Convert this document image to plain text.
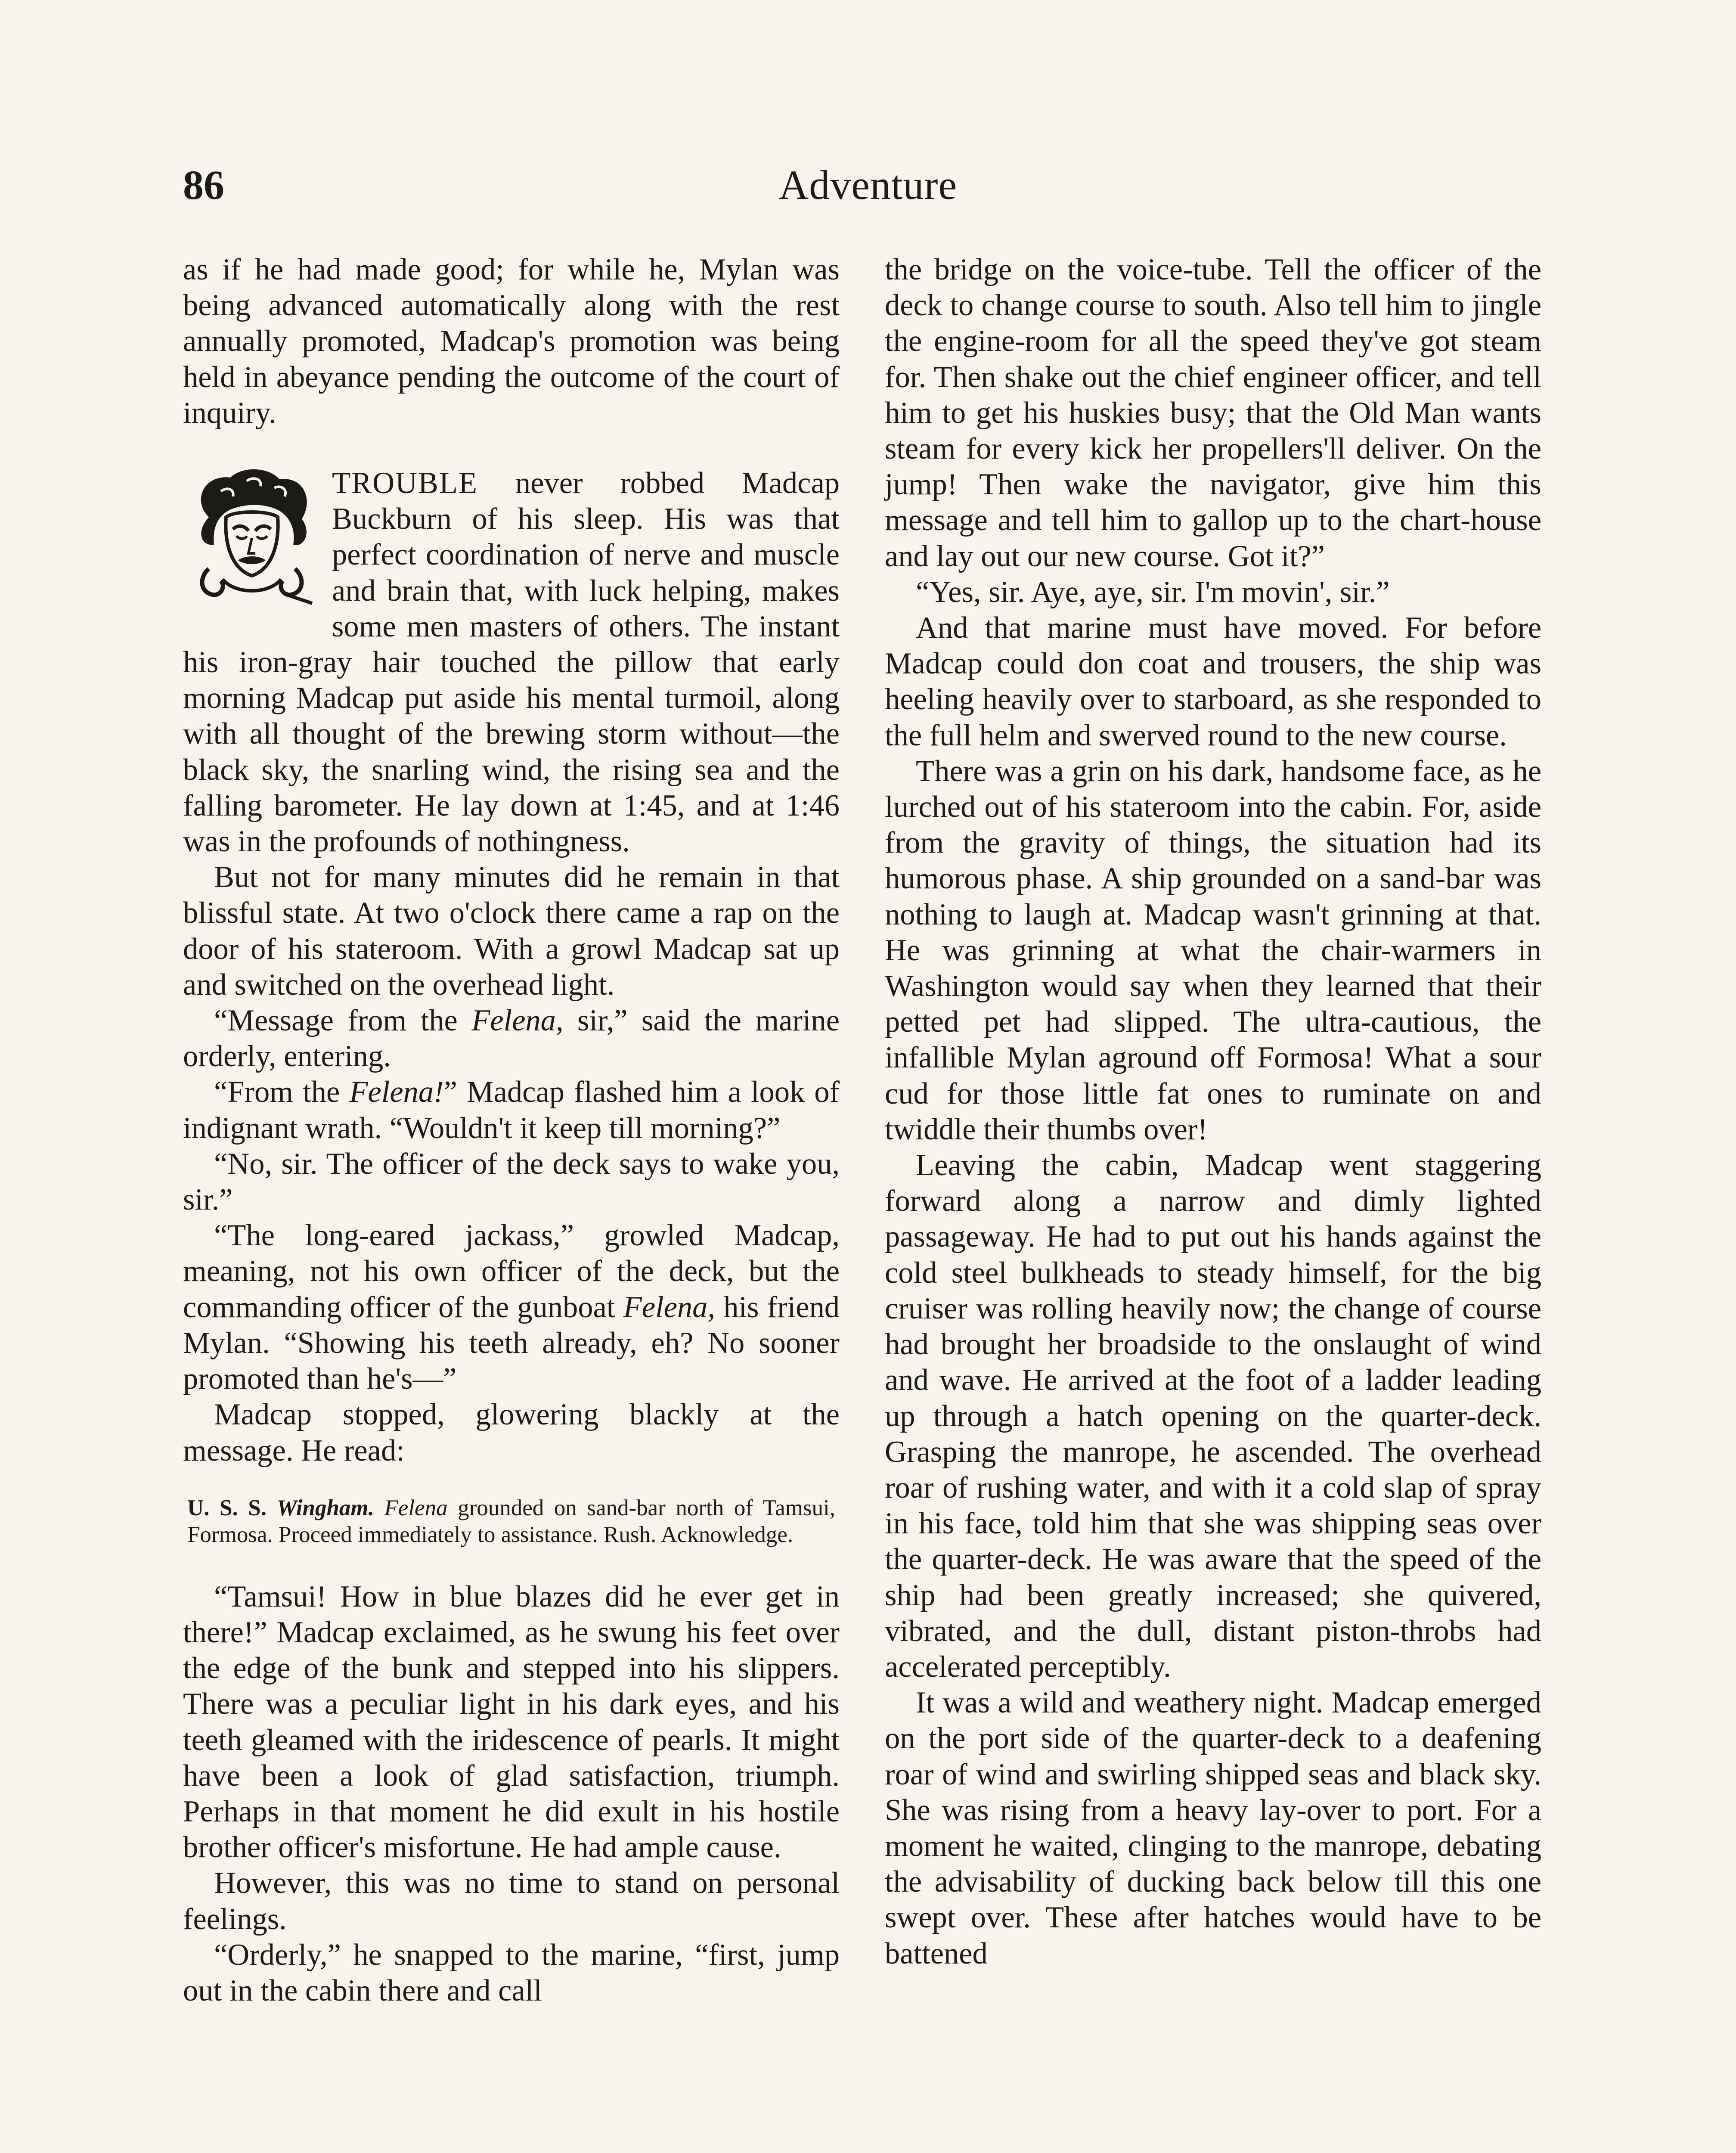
86	Adventure

as if he had made good; for while he, Mylan was being advanced automatically along with the rest annually promoted, Madcap's promotion was being held in abeyance pending the outcome of the court of inquiry.

TROUBLE never robbed Madcap Buckburn of his sleep. His was that perfect coordination of nerve and muscle and brain that, with luck helping, makes some men masters of others. The instant his iron-gray hair touched the pillow that early morning Madcap put aside his mental turmoil, along with all thought of the brewing storm without—the black sky, the snarling wind, the rising sea and the falling barometer. He lay down at 1:45, and at 1:46 was in the profounds of nothingness.

But not for many minutes did he remain in that blissful state. At two o'clock there came a rap on the door of his stateroom. With a growl Madcap sat up and switched on the overhead light.

“Message from the Felena, sir,” said the marine orderly, entering.

“From the Felena!” Madcap flashed him a look of indignant wrath. “Wouldn't it keep till morning?”

“No, sir. The officer of the deck says to wake you, sir.”

“The long-eared jackass,” growled Madcap, meaning, not his own officer of the deck, but the commanding officer of the gunboat Felena, his friend Mylan. “Showing his teeth already, eh? No sooner promoted than he's—”

Madcap stopped, glowering blackly at the message. He read:

U. S. S. Wingham. Felena grounded on sand-bar north of Tamsui, Formosa. Proceed immediately to assistance. Rush. Acknowledge.

“Tamsui! How in blue blazes did he ever get in there!” Madcap exclaimed, as he swung his feet over the edge of the bunk and stepped into his slippers. There was a peculiar light in his dark eyes, and his teeth gleamed with the iridescence of pearls. It might have been a look of glad satisfaction, triumph. Perhaps in that moment he did exult in his hostile brother officer's misfortune. He had ample cause.

However, this was no time to stand on personal feelings.

“Orderly,” he snapped to the marine, “first, jump out in the cabin there and call

the bridge on the voice-tube. Tell the officer of the deck to change course to south. Also tell him to jingle the engine-room for all the speed they've got steam for. Then shake out the chief engineer officer, and tell him to get his huskies busy; that the Old Man wants steam for every kick her propellers'll deliver. On the jump! Then wake the navigator, give him this message and tell him to gallop up to the chart-house and lay out our new course. Got it?”

“Yes, sir. Aye, aye, sir. I'm movin', sir.”

And that marine must have moved. For before Madcap could don coat and trousers, the ship was heeling heavily over to starboard, as she responded to the full helm and swerved round to the new course.

There was a grin on his dark, handsome face, as he lurched out of his stateroom into the cabin. For, aside from the gravity of things, the situation had its humorous phase. A ship grounded on a sand-bar was nothing to laugh at. Madcap wasn't grinning at that. He was grinning at what the chair-warmers in Washington would say when they learned that their petted pet had slipped. The ultra-cautious, the infallible Mylan aground off Formosa! What a sour cud for those little fat ones to ruminate on and twiddle their thumbs over!

Leaving the cabin, Madcap went staggering forward along a narrow and dimly lighted passageway. He had to put out his hands against the cold steel bulkheads to steady himself, for the big cruiser was rolling heavily now; the change of course had brought her broadside to the onslaught of wind and wave. He arrived at the foot of a ladder leading up through a hatch opening on the quarter-deck. Grasping the manrope, he ascended. The overhead roar of rushing water, and with it a cold slap of spray in his face, told him that she was shipping seas over the quarter-deck. He was aware that the speed of the ship had been greatly increased; she quivered, vibrated, and the dull, distant piston-throbs had accelerated perceptibly.

It was a wild and weathery night. Madcap emerged on the port side of the quarter-deck to a deafening roar of wind and swirling shipped seas and black sky. She was rising from a heavy lay-over to port. For a moment he waited, clinging to the manrope, debating the advisability of ducking back below till this one swept over. These after hatches would have to be battened
